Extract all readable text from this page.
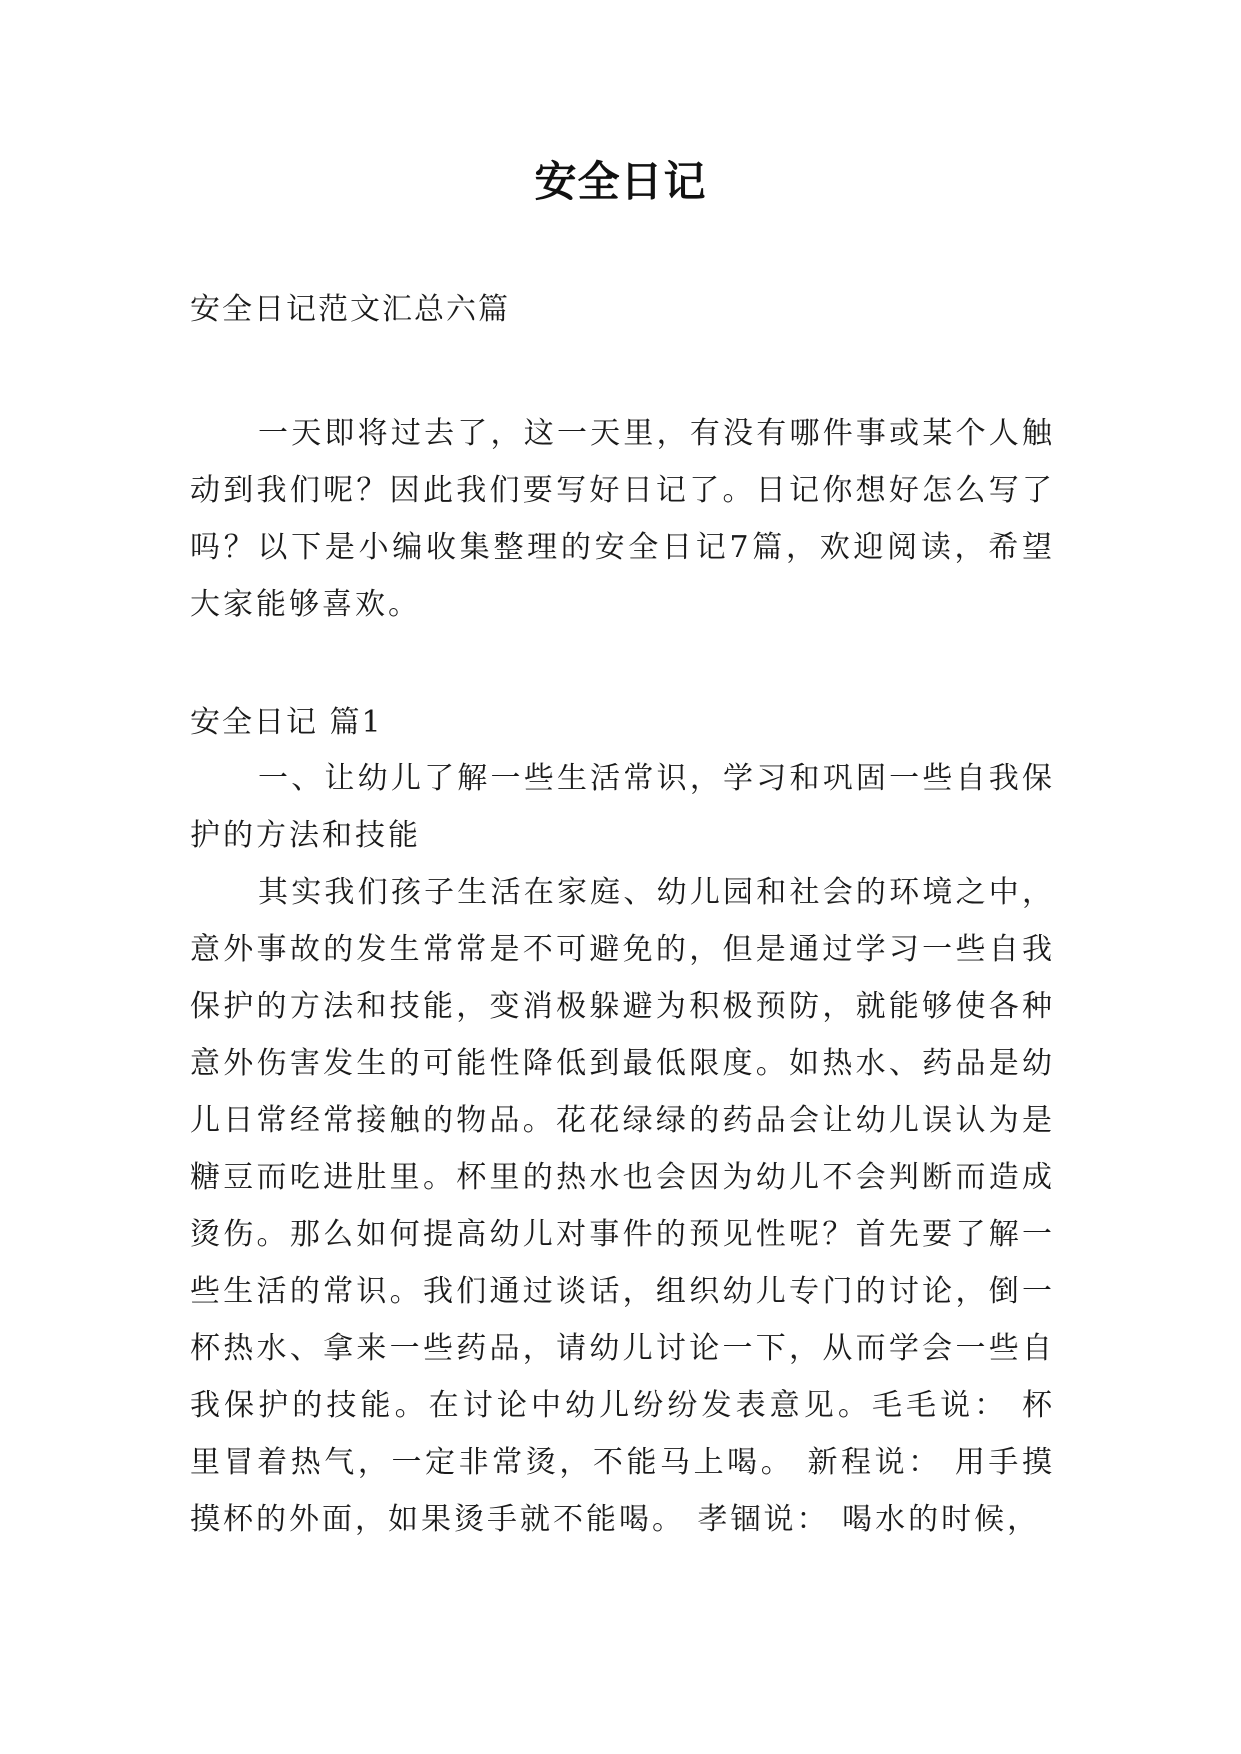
安全日记
安全日记范文汇总六篇

一天即将过去了，这一天里，有没有哪件事或某个人触动到我们呢？因此我们要写好日记了。日记你想好怎么写了吗？以下是小编收集整理的安全日记7篇，欢迎阅读，希望大家能够喜欢。

安全日记 篇1

一、让幼儿了解一些生活常识，学习和巩固一些自我保护的方法和技能

其实我们孩子生活在家庭、幼儿园和社会的环境之中，意外事故的发生常常是不可避免的，但是通过学习一些自我保护的方法和技能，变消极躲避为积极预防，就能够使各种意外伤害发生的可能性降低到最低限度。如热水、药品是幼儿日常经常接触的物品。花花绿绿的药品会让幼儿误认为是糖豆而吃进肚里。杯里的热水也会因为幼儿不会判断而造成烫伤。那么如何提高幼儿对事件的预见性呢？首先要了解一些生活的常识。我们通过谈话，组织幼儿专门的讨论，倒一杯热水、拿来一些药品，请幼儿讨论一下，从而学会一些自我保护的技能。在讨论中幼儿纷纷发表意见。毛毛说： 杯里冒着热气，一定非常烫，不能马上喝。 新程说： 用手摸摸杯的外面，如果烫手就不能喝。 孝锢说： 喝水的时候，
